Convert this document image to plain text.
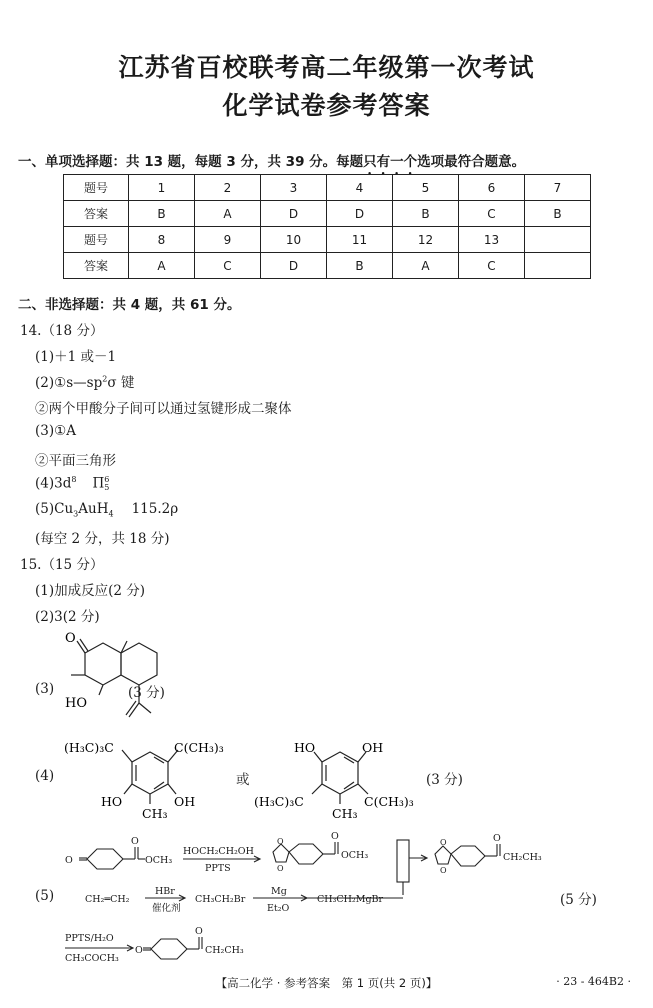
江苏省百校联考高二年级第一次考试
化学试卷参考答案
一、单项选择题：共 13 题，每题 3 分，共 39 分。每题只有一个选项最符合题意。
题号	1	2	3	4	5	6	7
答案	B	A	D	D	B	C	B
题号	8	9	10	11	12	13	
答案	A	C	D	B	A	C	
二、非选择题：共 4 题，共 61 分。
14.（18 分）
(1)＋1 或－1
$(2)①s—sp^2\sigma$ 键
②两个甲酸分子间可以通过氢键形成二聚体
(3)①A
②平面三角形
$(4)3d^8$ Π 6
5
$(5)Cu_3AuH_4$ 115.2ρ
(每空 2 分，共 18 分)
15.（15 分）
(1)加成反应(2 分)
(2)3(2 分)
(3)
O
HO
(3 分)
(4)
(H₃C)₃C	C(CH₃)₃
HO	OH
CH₃
或
HO	OH
(H₃C)₃C	C(CH₃)₃
CH₃
(3 分)
(5)
O
O
OCH₃
HOCH₂CH₂OH
PPTS
O
O
O
OCH₃
O
O
O
CH₂CH₃
CH₂═CH₂
HBr
催化剂
CH₃CH₂Br
Mg
Et₂O
CH₃CH₂MgBr
PPTS/H₂O
CH₃COCH₃
O
O
CH₂CH₃
(5 分)
【高二化学 · 参考答案　第 1 页(共 2 页)】	· 23 - 464B2 ·
